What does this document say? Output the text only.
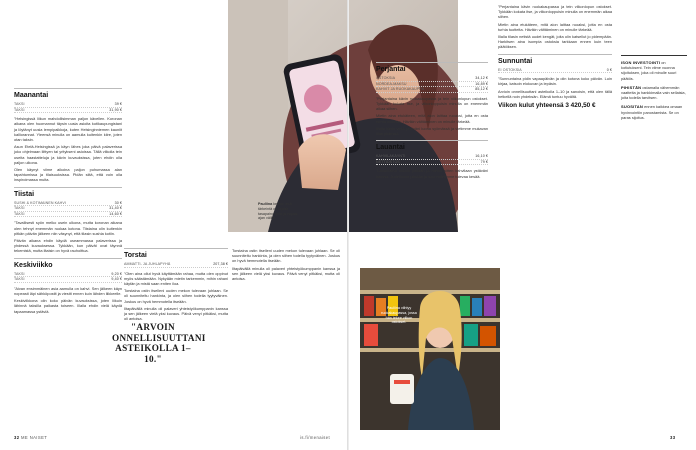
Maanantai
TAKSI	39 €
TAKSI	31,90 €

"Helsingissä liikun mahdollisimman paljon kävellen. Koronan aikana olen huomannut täysin uusia asioita kotikaupungistani ja löytänyt uusia lempipaikkoja, kuten Helsinginniemen kauniit kalliorannat. Yleensä minulla on aamulla kuitenkin kiire, joten otan taksin.

Asun Etelä-Helsingissä ja käyn lähes joka päivä palaverissa joko ohjelmaan liittyen tai yritykseni asioissa. Tällä viikolla tein useita haastatteluja ja kävin kuvauksissa, joten ehdin olla paljon ulkona.

Olen käynyt viime aikoina paljon puhumassa alan tapahtumissa ja tilaisuuksissa. Pidän siitä, että voin olla inspiroimassa muita.

Tiistai
SUSHI & KOTIMAINEN KAHVI	30 €
TAKSI	31,40 €
TAKSI	14,60 €

"Tavallisesti syön melko usein ulkona, mutta koronan aikana olen tehnyt enemmän ruokaa kotona. Tiistaina olin kuitenkin pitkän päivän jälkeen niin väsynyt, että tilasin sushia kotiin.

Päivän aikana ehdin käydä useammassa palaverissa ja yhdessä kuvauksessa. Tykkään, kun päivät ovat täynnä tekemistä, mutta iltaisin on hyvä rauhoittua.

Keskiviikko
TAKSI	9,20 €
TAKSI	9,40 €

"Aivan ensimmäinen asia aamulla on kahvi. Sen jälkeen käyn nopeasti läpi sähköpostit ja viestit ennen kuin lähden liikkeelle.

Keskiviikkona olin koko päivän kuvauksissa, joten liikuin lähinnä taksilla paikasta toiseen. Illalla ehdin vielä käydä tapaamassa ystäviä.

Pauliina kertoo, että tärkeintä on löytää tasapaino työn ja vapaa-ajan välillä.
Torstai
AMMATTI- JA JUHLAPYHÄ	207,38 €

"Olen aina ollut hyvä käyttämään rahaa, mutta olen oppinut myös säästämään. Nykyään mietin tarkemmin, mihin rahani käytän ja mistä saan eniten iloa.

Torstaina ostin itselleni uuden mekon tulevaan juhlaan. Se oli suunniteltu hankinta, ja olen siihen todella tyytyväinen. Joskus on hyvä hemmotella itseään.

Iltapäivällä minulla oli palaveri yhteistyökumppanin kanssa ja sen jälkeen vielä yksi kuvaus. Päivä venyi pitkäksi, mutta oli antoisa.

Torstaina ostin itselleni uuden mekon tulevaan juhlaan. Se oli suunniteltu hankinta, ja olen siihen todella tyytyväinen. Joskus on hyvä hemmotella itseään.

Iltapäivällä minulla oli palaveri yhteistyökumppanin kanssa ja sen jälkeen vielä yksi kuvaus. Päivä venyi pitkäksi, mutta oli antoisa.

"ARVOIN ONNELLISUUTTANI ASTEIKOLLA 1–10."
Perjantai
OSTOKSIA	34,12 €
NORDEA-MAKSU	16,89 €
KAHVIT JA RUOKAKAUPPA	85,12 €

"Perjantaina kävin ruokakaupassa ja tein viikonlopun ostokset. Tykkään kokata itse, ja viikonloppuisin minulla on enemmän aikaa siihen.

Mietin aina etukäteen, mitä aion laittaa ruoaksi, jotta en osta turhia tuotteita. Hävikin välttäminen on minulle tärkeää.

Illalla kävin vielä ystäväni luona syömässä ja vietimme mukavan illan yhdessä.

Lauantai
KAHVILAKÄYNTI	16,10 €
NETTIOSTOS	79 €

"Lauantaina nukuin pitkään ja menin sitten kahvilaan ystäväni kanssa. Juttelimme pitkään ja suunnittelimme tulevaa kesää.

"Perjantaina kävin ruokakaupassa ja tein viikonlopun ostokset. Tykkään kokata itse, ja viikonloppuisin minulla on enemmän aikaa siihen.

Mietin aina etukäteen, mitä aion laittaa ruoaksi, jotta en osta turhia tuotteita. Hävikin välttäminen on minulle tärkeää.

Illalla tilasin netistä uudet kengät, joita olin katsellut jo pidempään. Harkitsen aina isompia ostoksia tarkkaan ennen kuin teen päätöksen.

Sunnuntai
EI OSTOKSIA	0 €

"Sunnuntaina pidin vapaapäivän ja olin kotona koko päivän. Luin kirjaa, katsoin elokuvan ja lepäsin.

Arvioin onnellisuuttani asteikolla 1–10 ja sanoisin, että olen tällä hetkellä noin yhdeksän. Elämä tuntuu hyvältä.

Viikon kulut yhteensä 3 420,50 €
Pauliina viihtyy ruokakaupassa, jossa hän tekee viikon ostokset.

ISON INVESTOINTI on kotiutukseni. Tein viime vuonna sijoituksen, joka oli minulle suuri päätös.

PIHISTÄN ostamalla vähemmän vaatteita ja hankkimalla vain sellaisia, joita todella tarvitsen.

SUOSITAN ennen kaikkea omaan hyvinvointiin panostamista. Se on paras sijoitus.

32 ME NAISET	is.fi/menaiset	33
